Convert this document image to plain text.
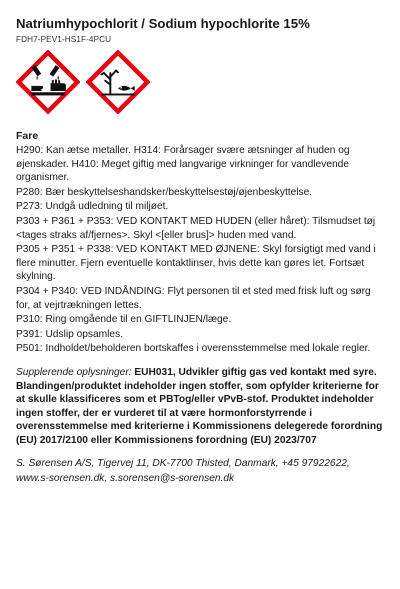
Natriumhypochlorit / Sodium hypochlorite 15%
FDH7-PEV1-HS1F-4PCU
Fare

H290: Kan ætse metaller. H314: Forårsager svære ætsninger af huden og øjenskader. H410: Meget giftig med langvarige virkninger for vandlevende organismer.

P280: Bær beskyttelseshandsker/beskyttelsestøj/øjenbeskyttelse.

P273: Undgå udledning til miljøet.

P303 + P361 + P353: VED KONTAKT MED HUDEN (eller håret): Tilsmudset tøj <tages straks af/fjernes>. Skyl <[eller brus]> huden med vand.

P305 + P351 + P338: VED KONTAKT MED ØJNENE: Skyl forsigtigt med vand i flere minutter. Fjern eventuelle kontaktlinser, hvis dette kan gøres let. Fortsæt skylning.

P304 + P340: VED INDÅNDING: Flyt personen til et sted med frisk luft og sørg for, at vejrtrækningen lettes.

P310: Ring omgående til en GIFTLINJEN/læge.

P391: Udslip opsamles.

P501: Indholdet/beholderen bortskaffes i overensstemmelse med lokale regler.

Supplerende oplysninger: EUH031, Udvikler giftig gas ved kontakt med syre. Blandingen/produktet indeholder ingen stoffer, som opfylder kriterierne for at skulle klassificeres som et PBTog/eller vPvB-stof. Produktet indeholder ingen stoffer, der er vurderet til at være hormonforstyrrende i overensstemmelse med kriterierne i Kommissionens delegerede forordning (EU) 2017/2100 eller Kommissionens forordning (EU) 2023/707
S. Sørensen A/S, Tigervej 11, DK-7700 Thisted, Danmark, +45 97922622,
www.s-sorensen.dk, s.sorensen@s-sorensen.dk
